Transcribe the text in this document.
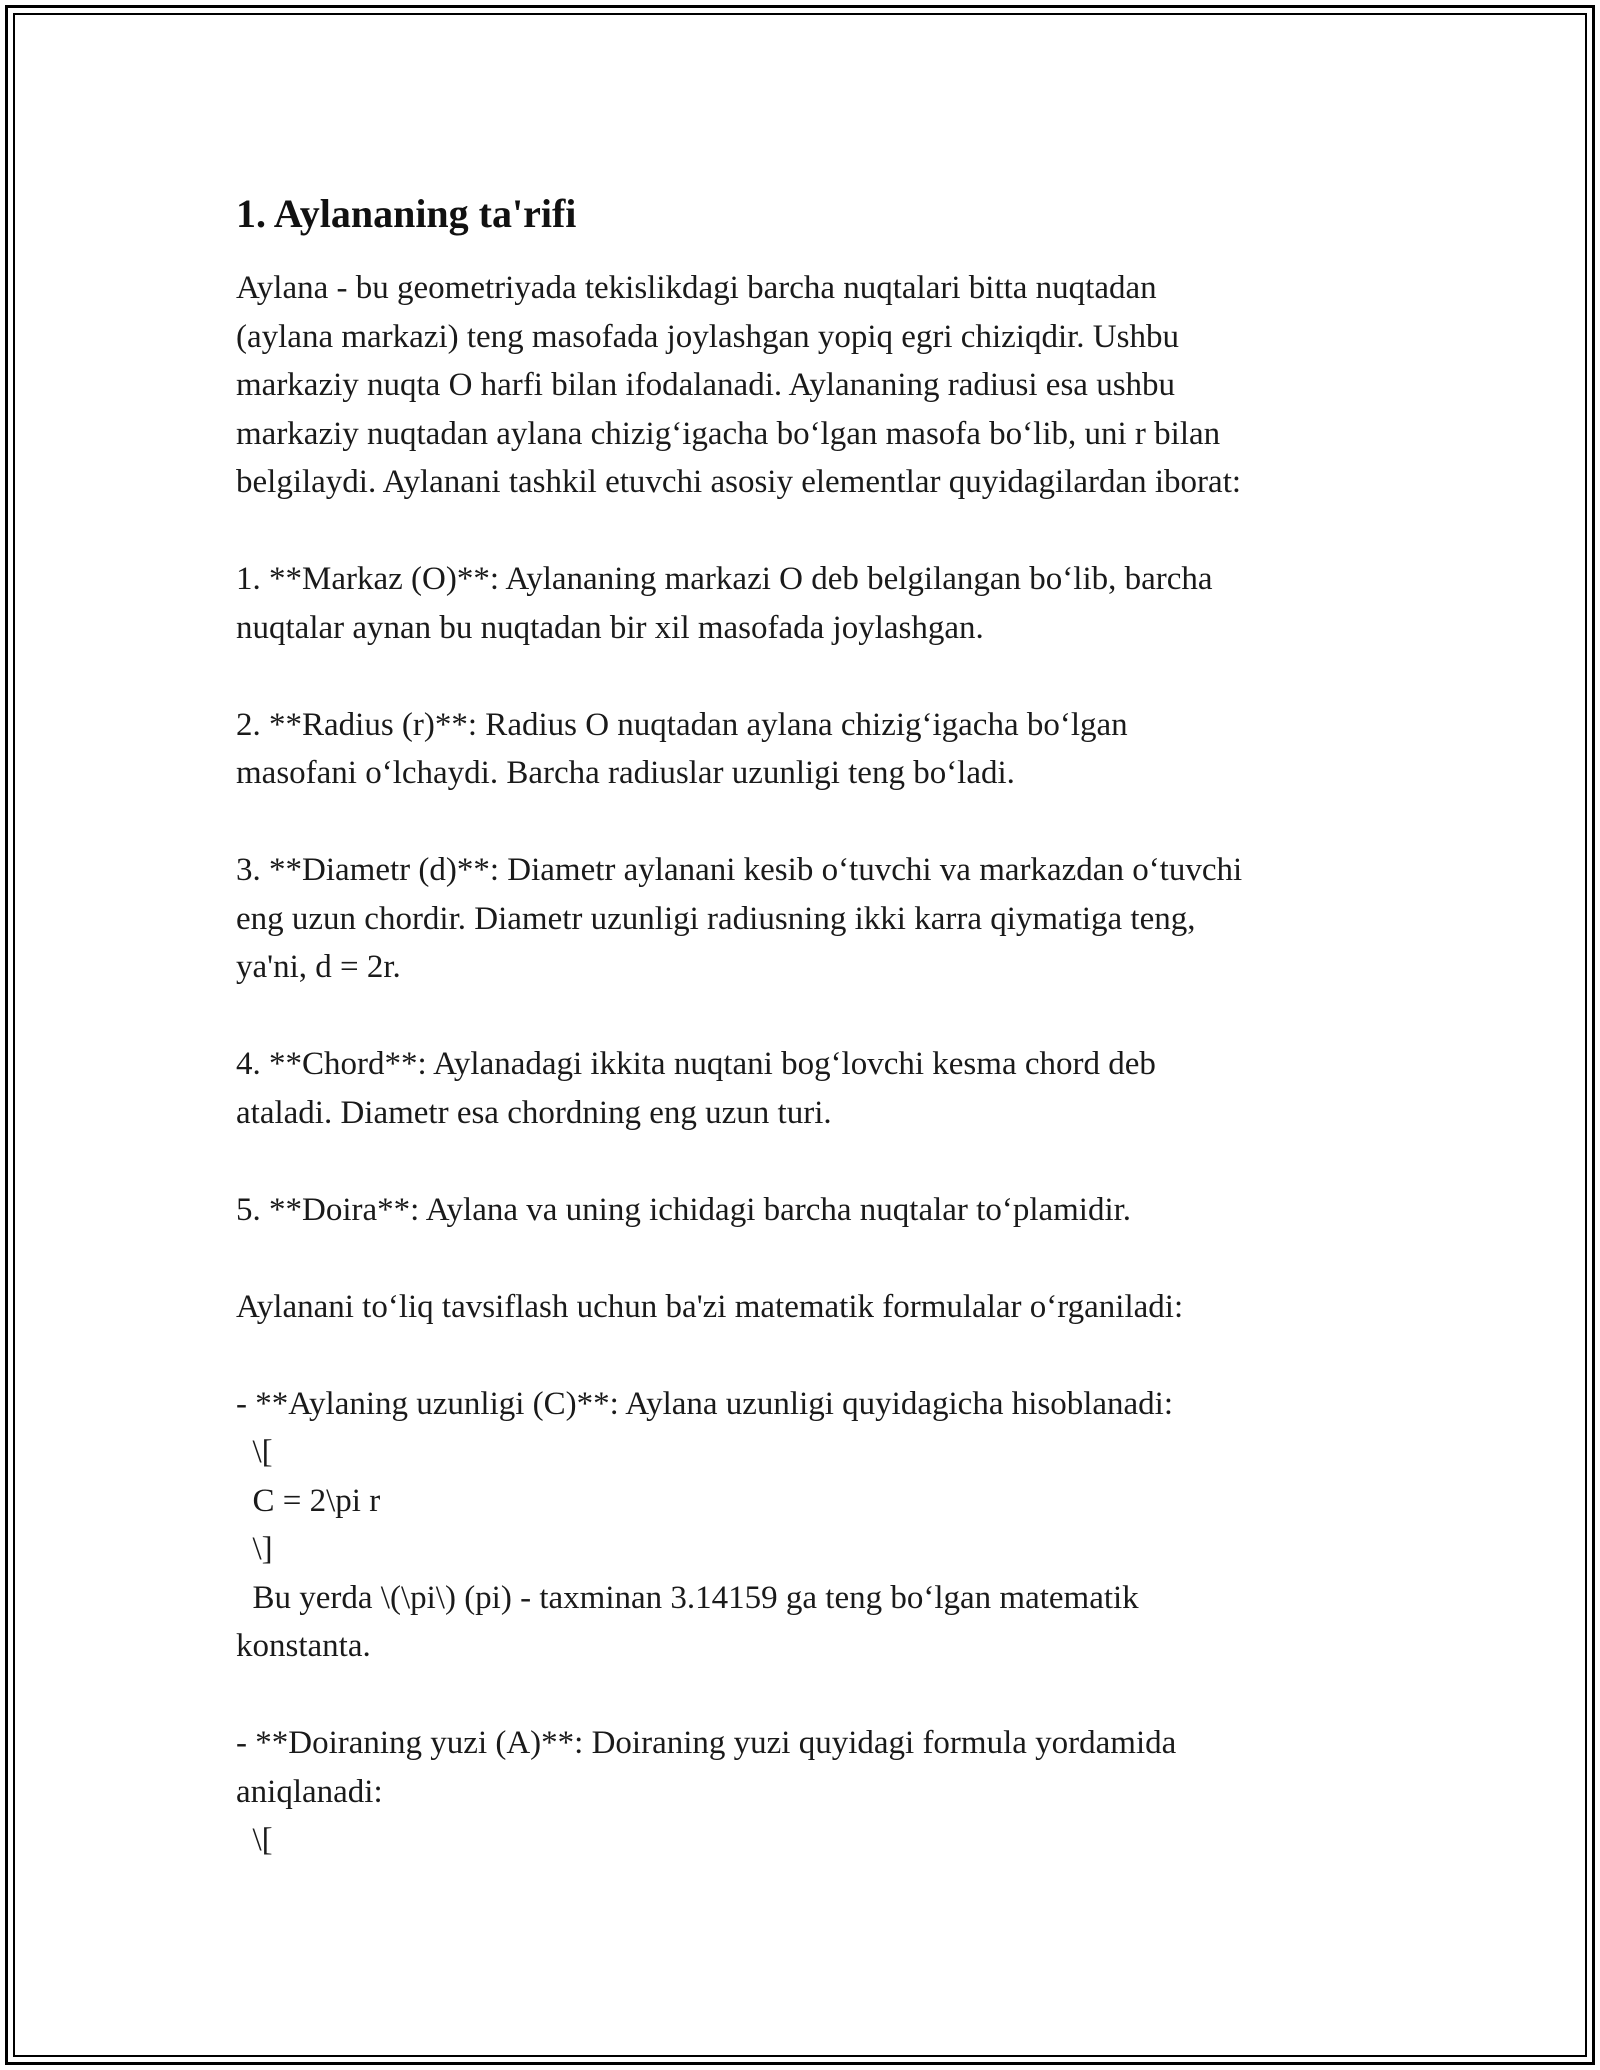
1. Aylananing ta'rifi

Aylana - bu geometriyada tekislikdagi barcha nuqtalari bitta nuqtadan
(aylana markazi) teng masofada joylashgan yopiq egri chiziqdir. Ushbu
markaziy nuqta O harfi bilan ifodalanadi. Aylananing radiusi esa ushbu
markaziy nuqtadan aylana chizig‘igacha bo‘lgan masofa bo‘lib, uni r bilan
belgilaydi. Aylanani tashkil etuvchi asosiy elementlar quyidagilardan iborat:

1. **Markaz (O)**: Aylananing markazi O deb belgilangan bo‘lib, barcha
nuqtalar aynan bu nuqtadan bir xil masofada joylashgan.

2. **Radius (r)**: Radius O nuqtadan aylana chizig‘igacha bo‘lgan
masofani o‘lchaydi. Barcha radiuslar uzunligi teng bo‘ladi.

3. **Diametr (d)**: Diametr aylanani kesib o‘tuvchi va markazdan o‘tuvchi
eng uzun chordir. Diametr uzunligi radiusning ikki karra qiymatiga teng,
ya'ni, d = 2r.

4. **Chord**: Aylanadagi ikkita nuqtani bog‘lovchi kesma chord deb
ataladi. Diametr esa chordning eng uzun turi.

5. **Doira**: Aylana va uning ichidagi barcha nuqtalar to‘plamidir.

Aylanani to‘liq tavsiflash uchun ba'zi matematik formulalar o‘rganiladi:

- **Aylaning uzunligi (C)**: Aylana uzunligi quyidagicha hisoblanadi:
\[
C = 2\pi r
\]
Bu yerda \(\pi\) (pi) - taxminan 3.14159 ga teng bo‘lgan matematik
konstanta.

- **Doiraning yuzi (A)**: Doiraning yuzi quyidagi formula yordamida
aniqlanadi:
\[
